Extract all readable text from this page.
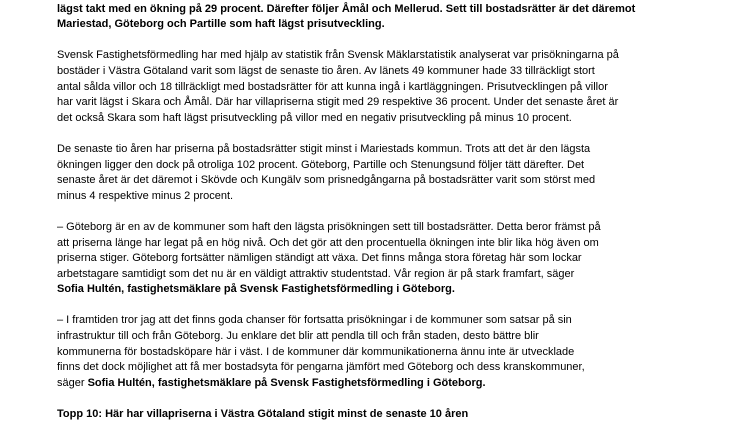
lägst takt med en ökning på 29 procent. Därefter följer Åmål och Mellerud. Sett till bostadsrätter är det däremot
Mariestad, Göteborg och Partille som haft lägst prisutveckling.
Svensk Fastighetsförmedling har med hjälp av statistik från Svensk Mäklarstatistik analyserat var prisökningarna på
bostäder i Västra Götaland varit som lägst de senaste tio åren. Av länets 49 kommuner hade 33 tillräckligt stort
antal sålda villor och 18 tillräckligt med bostadsrätter för att kunna ingå i kartläggningen. Prisutvecklingen på villor
har varit lägst i Skara och Åmål. Där har villapriserna stigit med 29 respektive 36 procent. Under det senaste året är
det också Skara som haft lägst prisutveckling på villor med en negativ prisutveckling på minus 10 procent.
De senaste tio åren har priserna på bostadsrätter stigit minst i Mariestads kommun. Trots att det är den lägsta
ökningen ligger den dock på otroliga 102 procent. Göteborg, Partille och Stenungsund följer tätt därefter. Det
senaste året är det däremot i Skövde och Kungälv som prisnedgångarna på bostadsrätter varit som störst med
minus 4 respektive minus 2 procent.
– Göteborg är en av de kommuner som haft den lägsta prisökningen sett till bostadsrätter. Detta beror främst på
att priserna länge har legat på en hög nivå. Och det gör att den procentuella ökningen inte blir lika hög även om
priserna stiger. Göteborg fortsätter nämligen ständigt att växa. Det finns många stora företag här som lockar
arbetstagare samtidigt som det nu är en väldigt attraktiv studentstad. Vår region är på stark framfart, säger
Sofia Hultén, fastighetsmäklare på Svensk Fastighetsförmedling i Göteborg.
– I framtiden tror jag att det finns goda chanser för fortsatta prisökningar i de kommuner som satsar på sin
infrastruktur till och från Göteborg. Ju enklare det blir att pendla till och från staden, desto bättre blir
kommunerna för bostadsköpare här i väst. I de kommuner där kommunikationerna ännu inte är utvecklade
finns det dock möjlighet att få mer bostadsyta för pengarna jämfört med Göteborg och dess kranskommuner,
säger Sofia Hultén, fastighetsmäklare på Svensk Fastighetsförmedling i Göteborg.
Topp 10: Här har villapriserna i Västra Götaland stigit minst de senaste 10 åren
